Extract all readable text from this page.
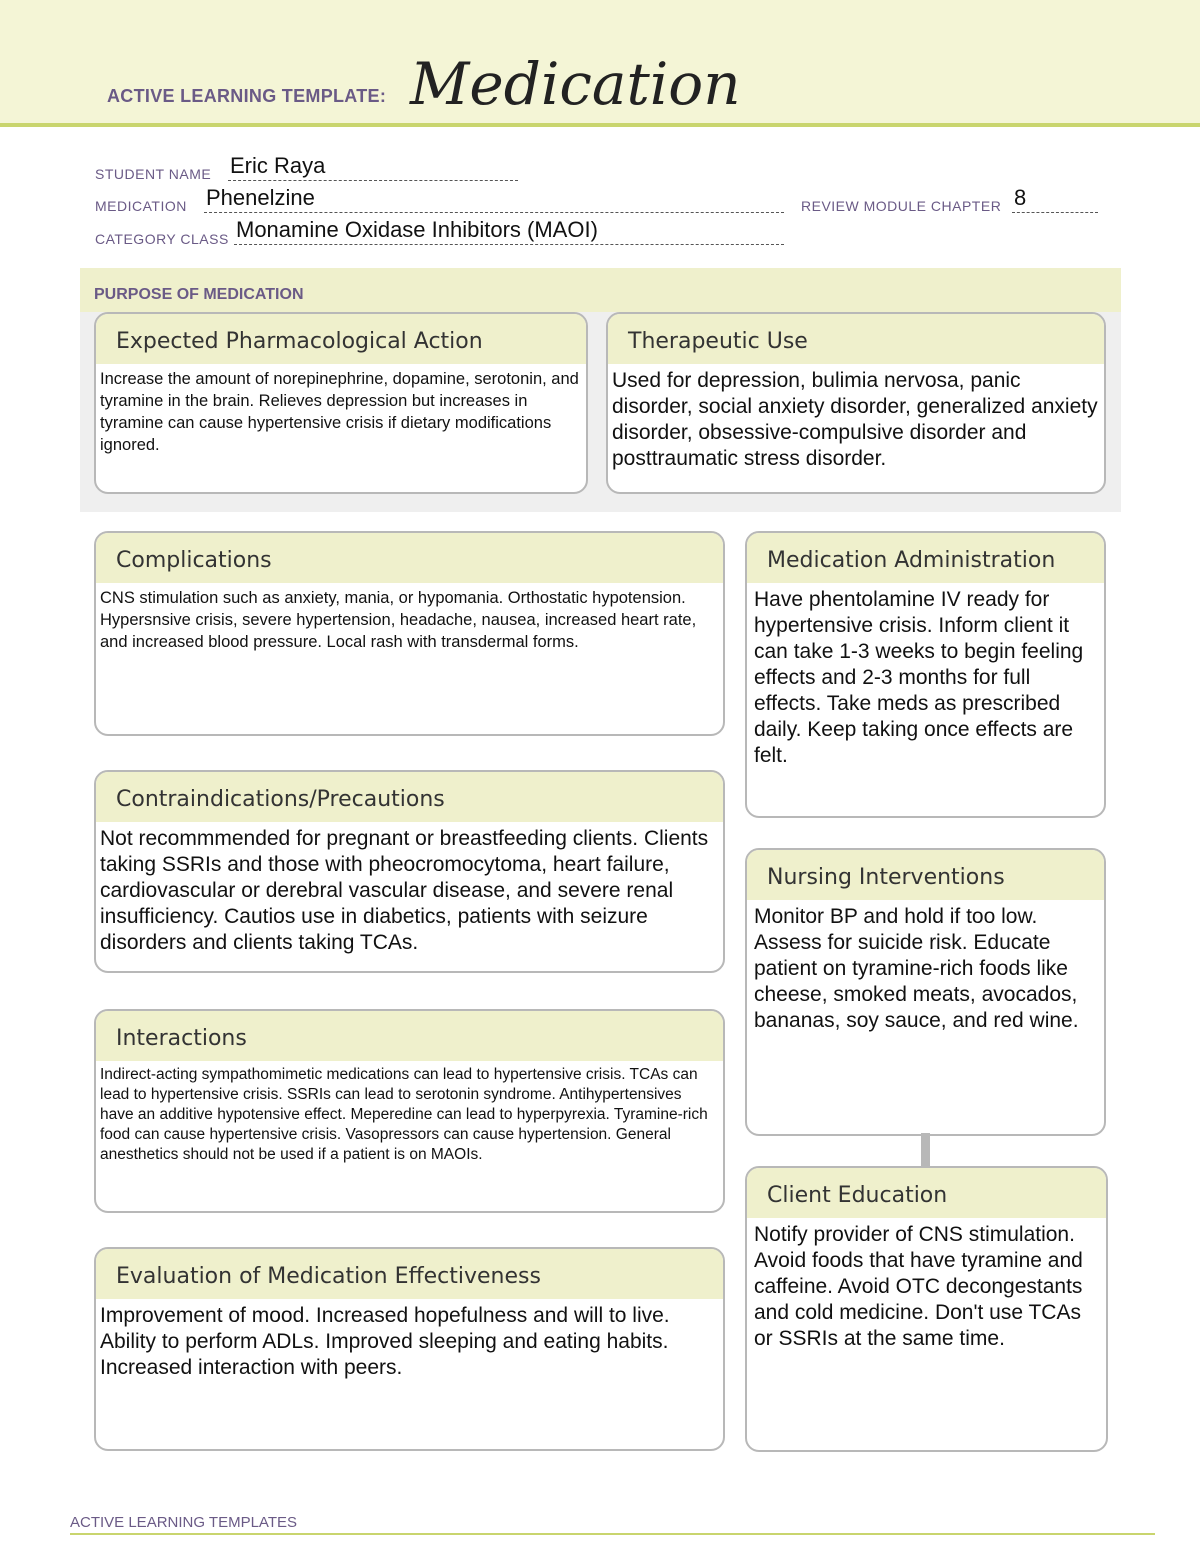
ACTIVE LEARNING TEMPLATE: Medication
STUDENT NAME Eric Raya
MEDICATION Phenelzine	REVIEW MODULE CHAPTER 8
CATEGORY CLASS Monamine Oxidase Inhibitors (MAOI)
PURPOSE OF MEDICATION
Expected Pharmacological Action
Increase the amount of norepinephrine, dopamine, serotonin, and tyramine in the brain. Relieves depression but increases in tyramine can cause hypertensive crisis if dietary modifications ignored.
Therapeutic Use
Used for depression, bulimia nervosa, panic disorder, social anxiety disorder, generalized anxiety disorder, obsessive-compulsive disorder and posttraumatic stress disorder.
Complications
CNS stimulation such as anxiety, mania, or hypomania. Orthostatic hypotension. Hypersnsive crisis, severe hypertension, headache, nausea, increased heart rate, and increased blood pressure. Local rash with transdermal forms.
Contraindications/Precautions
Not recommmended for pregnant or breastfeeding clients. Clients taking SSRIs and those with pheocromocytoma, heart failure, cardiovascular or derebral vascular disease, and severe renal insufficiency. Cautios use in diabetics, patients with seizure disorders and clients taking TCAs.
Interactions
Indirect-acting sympathomimetic medications can lead to hypertensive crisis. TCAs can lead to hypertensive crisis. SSRIs can lead to serotonin syndrome. Antihypertensives have an additive hypotensive effect. Meperedine can lead to hyperpyrexia. Tyramine-rich food can cause hypertensive crisis. Vasopressors can cause hypertension. General anesthetics should not be used if a patient is on MAOIs.
Evaluation of Medication Effectiveness
Improvement of mood. Increased hopefulness and will to live. Ability to perform ADLs. Improved sleeping and eating habits. Increased interaction with peers.
Medication Administration
Have phentolamine IV ready for hypertensive crisis. Inform client it can take 1-3 weeks to begin feeling effects and 2-3 months for full effects. Take meds as prescribed daily. Keep taking once effects are felt.
Nursing Interventions
Monitor BP and hold if too low. Assess for suicide risk. Educate patient on tyramine-rich foods like cheese, smoked meats, avocados, bananas, soy sauce, and red wine.
Client Education
Notify provider of CNS stimulation. Avoid foods that have tyramine and caffeine. Avoid OTC decongestants and cold medicine. Don't use TCAs or SSRIs at the same time.
ACTIVE LEARNING TEMPLATES
